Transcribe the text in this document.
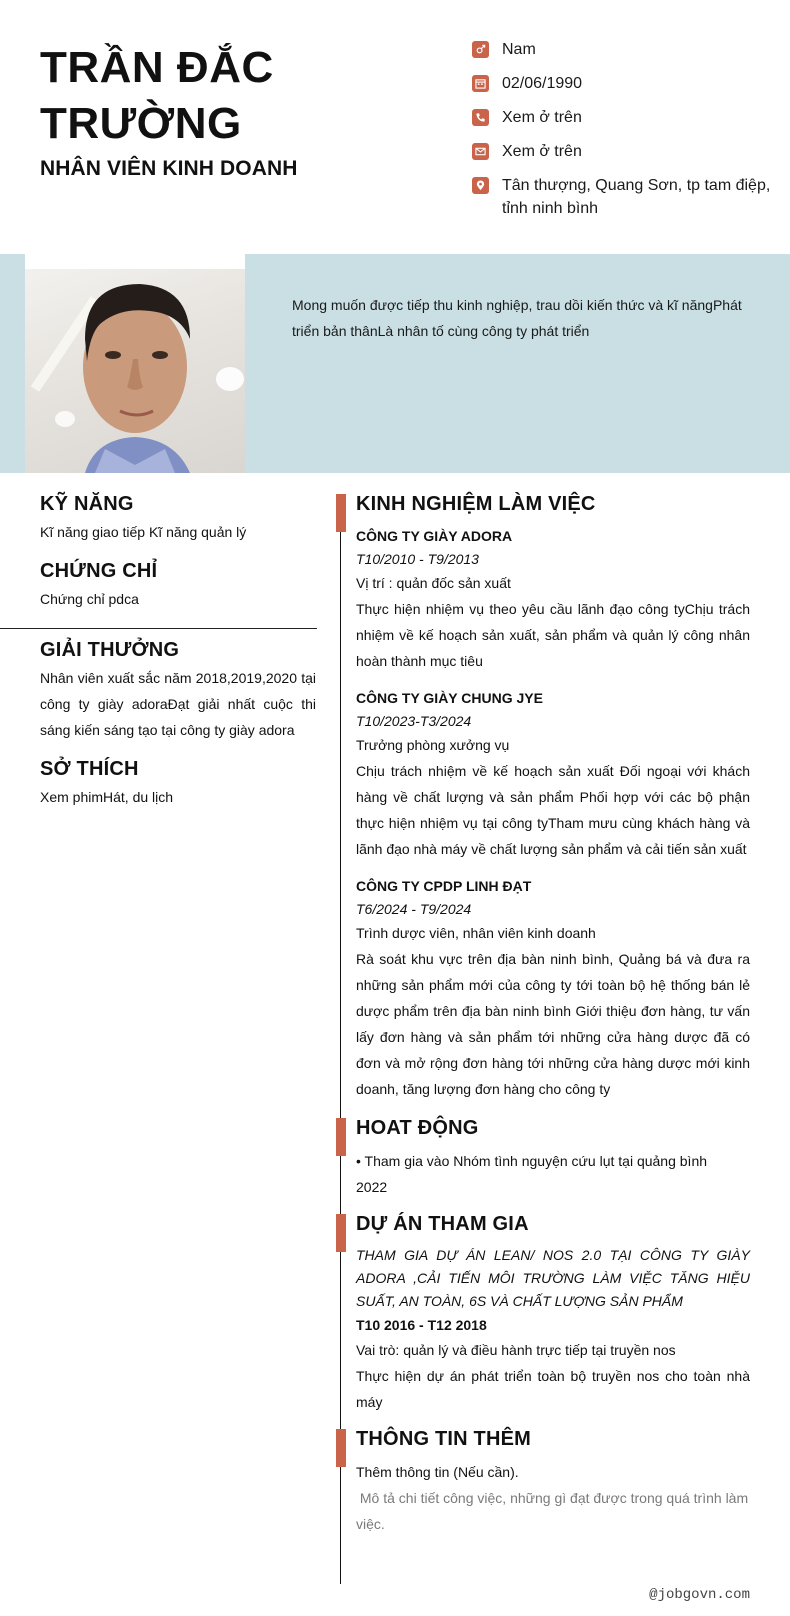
TRẦN ĐẮC TRƯỜNG
NHÂN VIÊN KINH DOANH
Nam
02/06/1990
Xem ở trên
Xem ở trên
Tân thượng, Quang Sơn, tp tam điệp, tỉnh ninh bình

Mong muốn được tiếp thu kinh nghiệp, trau dồi kiến thức và kĩ năngPhát triển bản thânLà nhân tố cùng công ty phát triển

KỸ NĂNG

Kĩ năng giao tiếp Kĩ năng quản lý

CHỨNG CHỈ

Chứng chỉ pdca

GIẢI THƯỞNG

Nhân viên xuất sắc năm 2018,2019,2020 tại công ty giày adoraĐạt giải nhất cuộc thi sáng kiến sáng tạo tại công ty giày adora

SỞ THÍCH

Xem phimHát, du lịch

KINH NGHIỆM LÀM VIỆC
CÔNG TY GIÀY ADORA
T10/2010 - T9/2013
Vị trí : quản đốc sản xuất

Thực hiện nhiệm vụ theo yêu cầu lãnh đạo công tyChịu trách nhiệm về kế hoạch sản xuất, sản phẩm và quản lý công nhân hoàn thành mục tiêu

CÔNG TY GIÀY CHUNG JYE
T10/2023-T3/2024
Trưởng phòng xưởng vụ

Chịu trách nhiệm về kế hoạch sản xuất Đối ngoại với khách hàng về chất lượng và sản phẩm Phối hợp với các bộ phận thực hiện nhiệm vụ tại công tyTham mưu cùng khách hàng và lãnh đạo nhà máy về chất lượng sản phẩm và cải tiến sản xuất

CÔNG TY CPDP LINH ĐẠT
T6/2024 - T9/2024
Trình dược viên, nhân viên kinh doanh

Rà soát khu vực trên địa bàn ninh bình, Quảng bá và đưa ra những sản phẩm mới của công ty tới toàn bộ hệ thống bán lẻ dược phẩm trên địa bàn ninh bình Giới thiệu đơn hàng, tư vấn lấy đơn hàng và sản phẩm tới những cửa hàng dược đã có đơn và mở rộng đơn hàng tới những cửa hàng dược mới kinh doanh, tăng lượng đơn hàng cho công ty

HOAT ĐỘNG
• Tham gia vào Nhóm tình nguyện cứu lụt tại quảng bình
2022
DỰ ÁN THAM GIA

THAM GIA DỰ ÁN LEAN/ NOS 2.0 TẠI CÔNG TY GIÀY ADORA ,CẢI TIẾN MÔI TRƯỜNG LÀM VIỆC TĂNG HIỆU SUẤT, AN TOÀN, 6S VÀ CHẤT LƯỢNG SẢN PHẨM

T10 2016 - T12 2018
Vai trò: quản lý và điều hành trực tiếp tại truyền nos

Thực hiện dự án phát triển toàn bộ truyền nos cho toàn nhà máy

THÔNG TIN THÊM
Thêm thông tin (Nếu cần).

Mô tả chi tiết công việc, những gì đạt được trong quá trình làm việc.

@jobgovn.com
